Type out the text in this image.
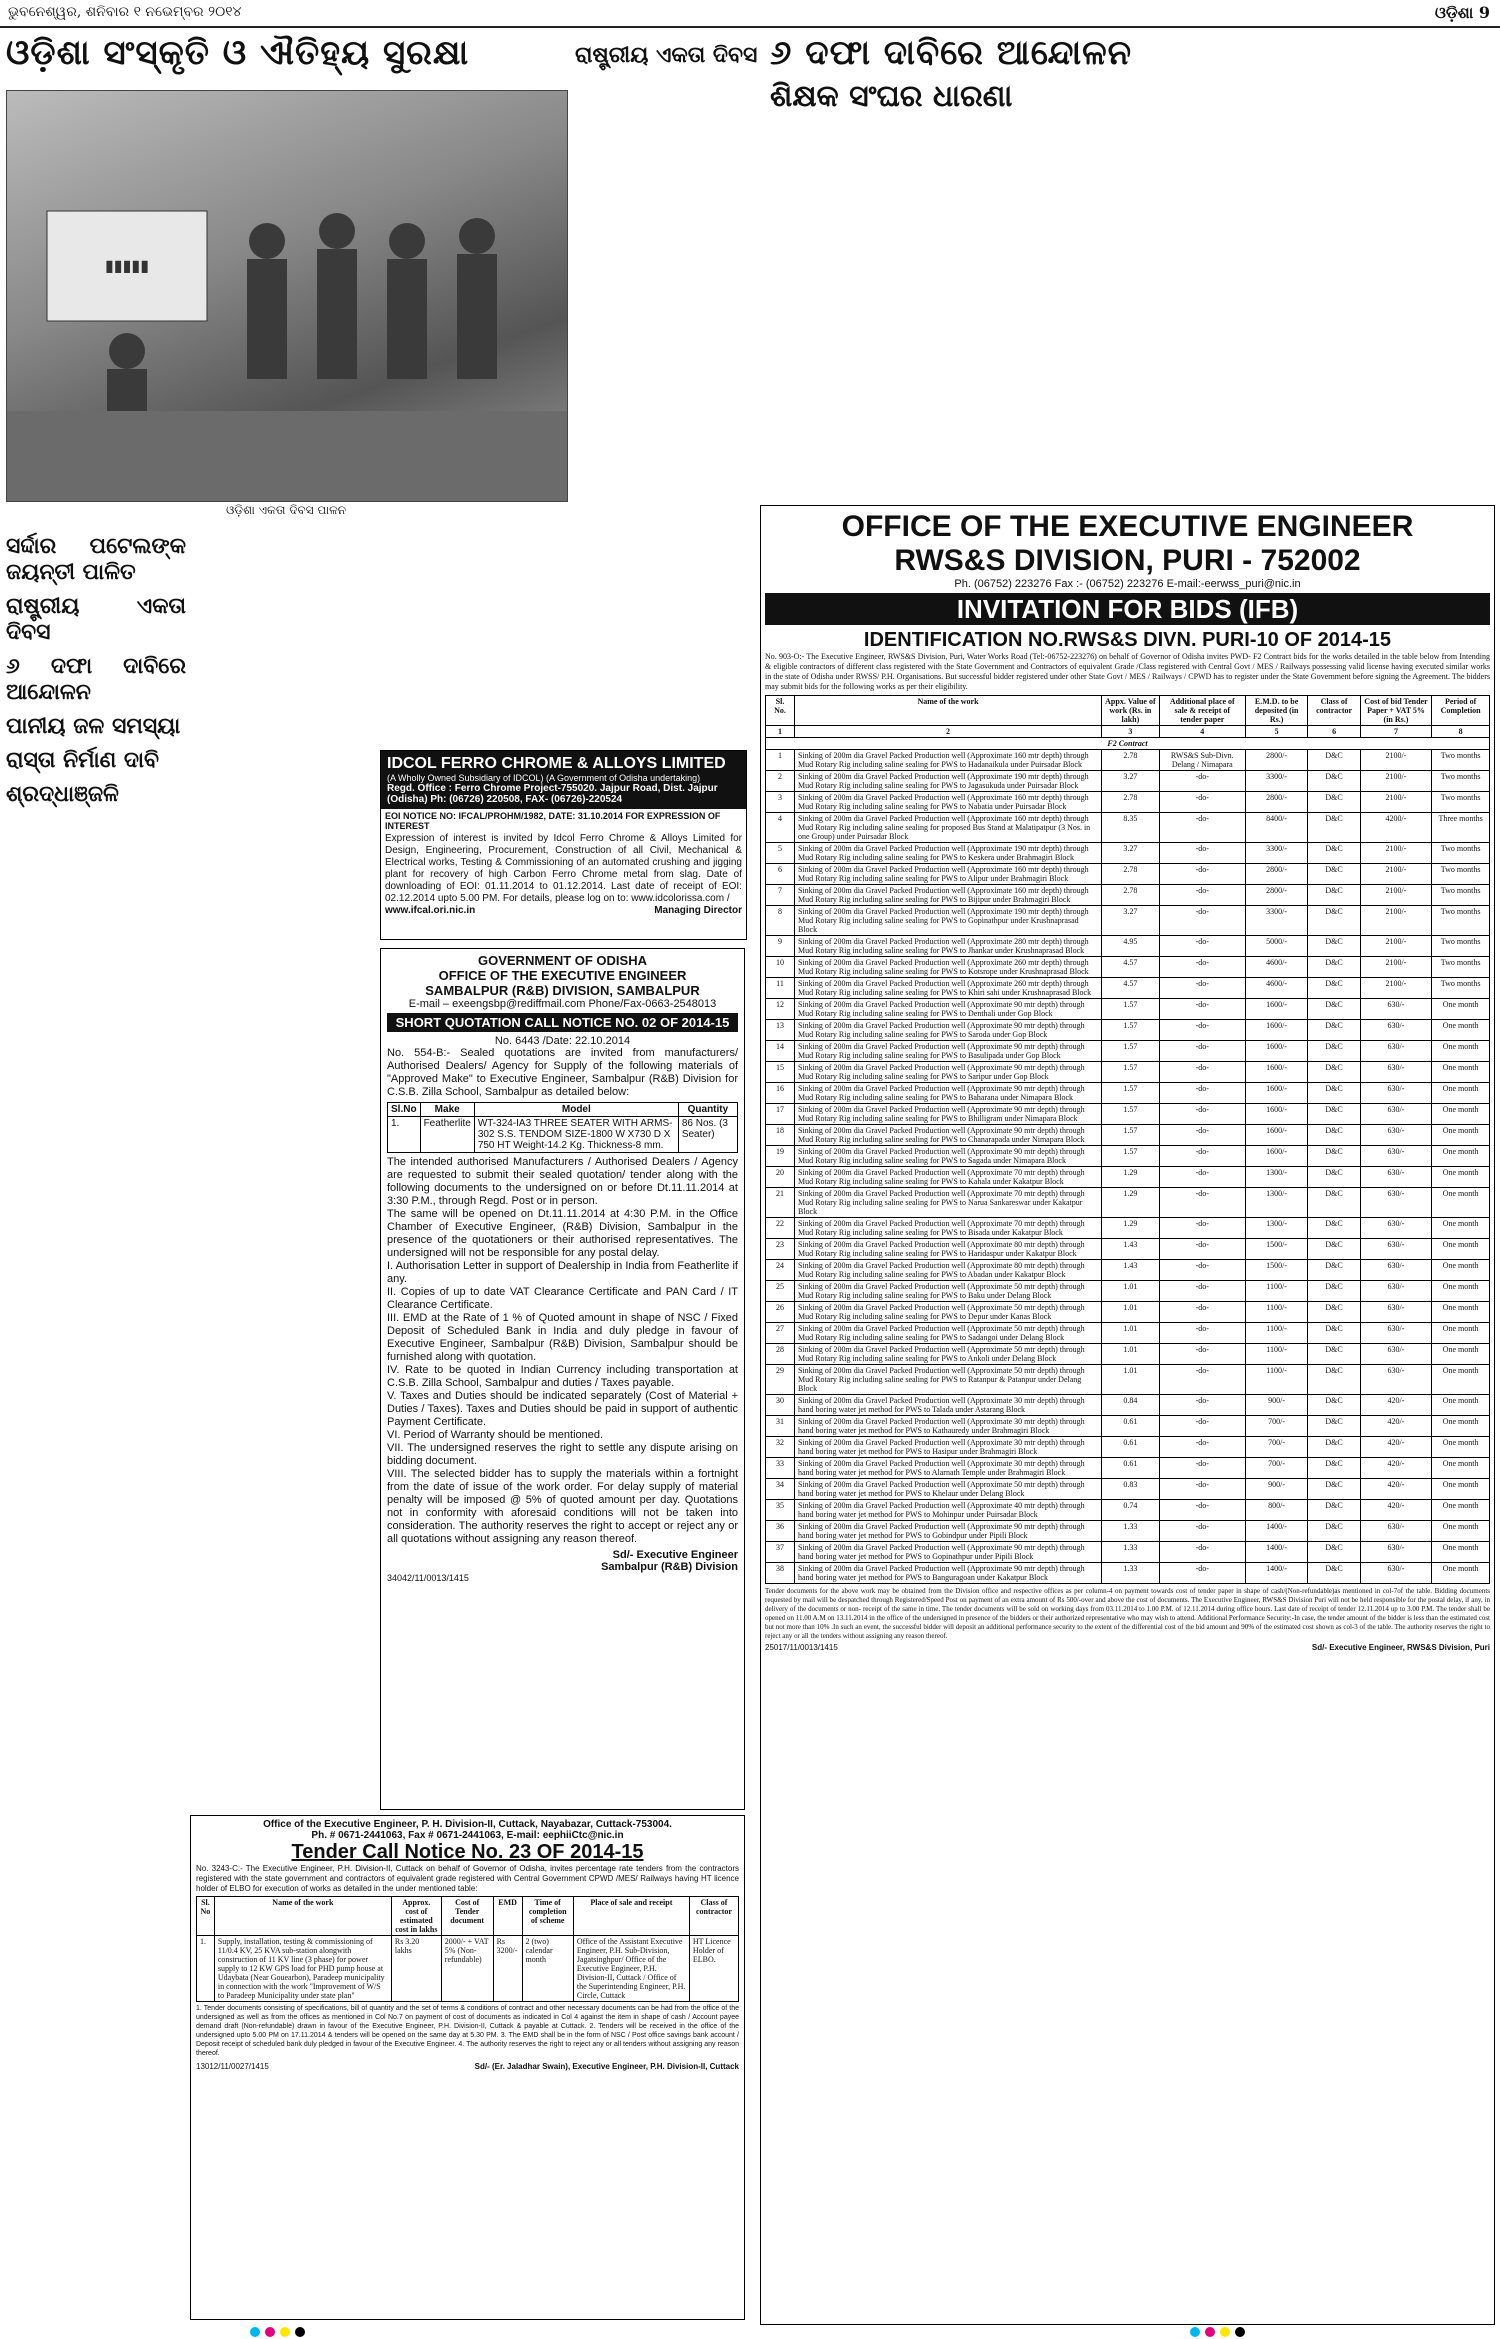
ଭୁବନେଶ୍ୱର, ଶନିବାର ୧ ନଭେମ୍ବର ୨୦୧୪	ଓଡ଼ିଶା 9
ଓଡ଼ିଶା ସଂସ୍କୃତି ଓ ଐତିହ୍ୟ ସୁରକ୍ଷା
▮▮▮▮▮
ଓଡ଼ିଶା ଏକତା ଦିବସ ପାଳନ
ସର୍ଦ୍ଦାର ପଟେଲଙ୍କ ଜୟନ୍ତୀ ପାଳିତ
ରାଷ୍ଟ୍ରୀୟ ଏକତା ଦିବସ
୬ ଦଫା ଦାବିରେ ଆନ୍ଦୋଳନ
ପାନୀୟ ଜଳ ସମସ୍ୟା
ରାସ୍ତା ନିର୍ମାଣ ଦାବି
ଶ୍ରଦ୍ଧାଞ୍ଜଳି
ରାଷ୍ଟ୍ରୀୟ ଏକତା ଦିବସ ୬ ଦଫା ଦାବିରେ ଆନ୍ଦୋଳନ
ଶିକ୍ଷକ ସଂଘର ଧାରଣା
IDCOL FERRO CHROME & ALLOYS LIMITED
(A Wholly Owned Subsidiary of IDCOL) (A Government of Odisha undertaking)
Regd. Office : Ferro Chrome Project-755020. Jajpur Road, Dist. Jajpur (Odisha) Ph: (06726) 220508, FAX- (06726)-220524
EOI NOTICE NO: IFCAL/PROHM/1982, DATE: 31.10.2014 FOR EXPRESSION OF INTEREST
Expression of interest is invited by Idcol Ferro Chrome & Alloys Limited for Design, Engineering, Procurement, Construction of all Civil, Mechanical & Electrical works, Testing & Commissioning of an automated crushing and jigging plant for recovery of high Carbon Ferro Chrome metal from slag. Date of downloading of EOI: 01.11.2014 to 01.12.2014. Last date of receipt of EOI: 02.12.2014 upto 5.00 PM. For details, please log on to: www.idcolorissa.com /
www.ifcal.ori.nic.in	Managing Director
GOVERNMENT OF ODISHA
OFFICE OF THE EXECUTIVE ENGINEER
SAMBALPUR (R&B) DIVISION, SAMBALPUR
E-mail – exeengsbp@rediffmail.com Phone/Fax-0663-2548013
SHORT QUOTATION CALL NOTICE NO. 02 OF 2014-15
No. 6443 /Date: 22.10.2014
No. 554-B:- Sealed quotations are invited from manufacturers/ Authorised Dealers/ Agency for Supply of the following materials of "Approved Make" to Executive Engineer, Sambalpur (R&B) Division for C.S.B. Zilla School, Sambalpur as detailed below:
Sl.No	Make	Model	Quantity
1.	Featherlite	WT-324-IA3 THREE SEATER WITH ARMS-302 S.S. TENDOM SIZE-1800 W X730 D X 750 HT Weight-14.2 Kg. Thickness-8 mm.	86 Nos. (3 Seater)
The intended authorised Manufacturers / Authorised Dealers / Agency are requested to submit their sealed quotation/ tender along with the following documents to the undersigned on or before Dt.11.11.2014 at 3:30 P.M., through Regd. Post or in person.
The same will be opened on Dt.11.11.2014 at 4:30 P.M. in the Office Chamber of Executive Engineer, (R&B) Division, Sambalpur in the presence of the quotationers or their authorised representatives. The undersigned will not be responsible for any postal delay.
I. Authorisation Letter in support of Dealership in India from Featherlite if any.
II. Copies of up to date VAT Clearance Certificate and PAN Card / IT Clearance Certificate.
III. EMD at the Rate of 1 % of Quoted amount in shape of NSC / Fixed Deposit of Scheduled Bank in India and duly pledge in favour of Executive Engineer, Sambalpur (R&B) Division, Sambalpur should be furnished along with quotation.
IV. Rate to be quoted in Indian Currency including transportation at C.S.B. Zilla School, Sambalpur and duties / Taxes payable.
V. Taxes and Duties should be indicated separately (Cost of Material + Duties / Taxes). Taxes and Duties should be paid in support of authentic Payment Certificate.
VI. Period of Warranty should be mentioned.
VII. The undersigned reserves the right to settle any dispute arising on bidding document.
VIII. The selected bidder has to supply the materials within a fortnight from the date of issue of the work order. For delay supply of material penalty will be imposed @ 5% of quoted amount per day. Quotations not in conformity with aforesaid conditions will not be taken into consideration. The authority reserves the right to accept or reject any or all quotations without assigning any reason thereof.
Sd/- Executive Engineer
Sambalpur (R&B) Division
34042/11/0013/1415
Office of the Executive Engineer, P. H. Division-II, Cuttack, Nayabazar, Cuttack-753004.
Ph. # 0671-2441063, Fax # 0671-2441063, E-mail: eephiiCtc@nic.in
Tender Call Notice No. 23 OF 2014-15
No. 3243-C:- The Executive Engineer, P.H. Division-II, Cuttack on behalf of Governor of Odisha, invites percentage rate tenders from the contractors registered with the state government and contractors of equivalent grade registered with Central Government CPWD /MES/ Railways having HT licence holder of ELBO for execution of works as detailed in the under mentioned table:
Sl. No	Name of the work	Approx. cost of estimated cost in lakhs	Cost of Tender document	EMD	Time of completion of scheme	Place of sale and receipt	Class of contractor
1.	Supply, installation, testing & commissioning of 11/0.4 KV, 25 KVA sub-station alongwith construction of 11 KV line (3 phase) for power supply to 12 KW GPS load for PHD pump house at Udaybata (Near Gouearbon), Paradeep municipality in connection with the work "Improvement of W/S to Paradeep Municipality under state plan"	Rs 3.20 lakhs	2000/- + VAT 5% (Non-refundable)	Rs 3200/-	2 (two) calendar month	Office of the Assistant Executive Engineer, P.H. Sub-Division, Jagatsinghpur/ Office of the Executive Engineer, P.H. Division-II, Cuttack / Office of the Superintending Engineer, P.H. Circle, Cuttack	HT Licence Holder of ELBO.
1. Tender documents consisting of specifications, bill of quantity and the set of terms & conditions of contract and other necessary documents can be had from the office of the undersigned as well as from the offices as mentioned in Col No.7 on payment of cost of documents as indicated in Col 4 against the item in shape of cash / Account payee demand draft (Non-refundable) drawn in favour of the Executive Engineer, P.H. Division-II, Cuttack & payable at Cuttack. 2. Tenders will be received in the office of the undersigned upto 5.00 PM on 17.11.2014 & tenders will be opened on the same day at 5.30 PM. 3. The EMD shall be in the form of NSC / Post office savings bank account / Deposit receipt of scheduled bank duly pledged in favour of the Executive Engineer. 4. The authority reserves the right to reject any or all tenders without assigning any reason thereof.
13012/11/0027/1415	Sd/- (Er. Jaladhar Swain), Executive Engineer, P.H. Division-II, Cuttack
OFFICE OF THE EXECUTIVE ENGINEER
RWS&S DIVISION, PURI - 752002
Ph. (06752) 223276 Fax :- (06752) 223276 E-mail:-eerwss_puri@nic.in
INVITATION FOR BIDS (IFB)
IDENTIFICATION NO.RWS&S DIVN. PURI-10 OF 2014-15
No. 903-O:- The Executive Engineer, RWS&S Division, Puri, Water Works Road (Tel:-06752-223276) on behalf of Governor of Odisha invites PWD- F2 Contract bids for the works detailed in the table below from Intending & eligible contractors of different class registered with the State Government and Contractors of equivalent Grade /Class registered with Central Govt / MES / Railways possessing valid license having executed similar works in the state of Odisha under RWSS/ P.H. Organisations. But successful bidder registered under other State Govt / MES / Railways / CPWD has to register under the State Government before signing the Agreement. The bidders may submit bids for the following works as per their eligibility.
Sl. No.	Name of the work	Appx. Value of work (Rs. in lakh)	Additional place of sale & receipt of tender paper	E.M.D. to be deposited (in Rs.)	Class of contractor	Cost of bid Tender Paper + VAT 5% (in Rs.)	Period of Completion
1	2	3	4	5	6	7	8
F2 Contract							
1	Sinking of 200m dia Gravel Packed Production well (Approximate 160 mtr depth) through Mud Rotary Rig including saline sealing for PWS to Hadanaikula under Puirsadar Block	2.78	RWS&S Sub-Divn. Delang / Nimapara	2800/-	D&C	2100/-	Two months
2	Sinking of 200m dia Gravel Packed Production well (Approximate 190 mtr depth) through Mud Rotary Rig including saline sealing for PWS to Jagasukuda under Puirsadar Block	3.27	-do-	3300/-	D&C	2100/-	Two months
3	Sinking of 200m dia Gravel Packed Production well (Approximate 160 mtr depth) through Mud Rotary Rig including saline sealing for PWS to Nabatia under Puirsadar Block	2.78	-do-	2800/-	D&C	2100/-	Two months
4	Sinking of 200m dia Gravel Packed Production well (Approximate 160 mtr depth) through Mud Rotary Rig including saline sealing for proposed Bus Stand at Malatipatpur (3 Nos. in one Group) under Puirsadar Block	8.35	-do-	8400/-	D&C	4200/-	Three months
5	Sinking of 200m dia Gravel Packed Production well (Approximate 190 mtr depth) through Mud Rotary Rig including saline sealing for PWS to Keskera under Brahmagiri Block	3.27	-do-	3300/-	D&C	2100/-	Two months
6	Sinking of 200m dia Gravel Packed Production well (Approximate 160 mtr depth) through Mud Rotary Rig including saline sealing for PWS to Alipur under Brahmagiri Block	2.78	-do-	2800/-	D&C	2100/-	Two months
7	Sinking of 200m dia Gravel Packed Production well (Approximate 160 mtr depth) through Mud Rotary Rig including saline sealing for PWS to Bijipur under Brahmagiri Block	2.78	-do-	2800/-	D&C	2100/-	Two months
8	Sinking of 200m dia Gravel Packed Production well (Approximate 190 mtr depth) through Mud Rotary Rig including saline sealing for PWS to Gopinathpur under Krushnaprasad Block	3.27	-do-	3300/-	D&C	2100/-	Two months
9	Sinking of 200m dia Gravel Packed Production well (Approximate 280 mtr depth) through Mud Rotary Rig including saline sealing for PWS to Jhankar under Krushnaprasad Block	4.95	-do-	5000/-	D&C	2100/-	Two months
10	Sinking of 200m dia Gravel Packed Production well (Approximate 260 mtr depth) through Mud Rotary Rig including saline sealing for PWS to Kotsrope under Krushnaprasad Block	4.57	-do-	4600/-	D&C	2100/-	Two months
11	Sinking of 200m dia Gravel Packed Production well (Approximate 260 mtr depth) through Mud Rotary Rig including saline sealing for PWS to Khiri sahi under Krushnaprasad Block	4.57	-do-	4600/-	D&C	2100/-	Two months
12	Sinking of 200m dia Gravel Packed Production well (Approximate 90 mtr depth) through Mud Rotary Rig including saline sealing for PWS to Denthali under Gop Block	1.57	-do-	1600/-	D&C	630/-	One month
13	Sinking of 200m dia Gravel Packed Production well (Approximate 90 mtr depth) through Mud Rotary Rig including saline sealing for PWS to Saroda under Gop Block	1.57	-do-	1600/-	D&C	630/-	One month
14	Sinking of 200m dia Gravel Packed Production well (Approximate 90 mtr depth) through Mud Rotary Rig including saline sealing for PWS to Basulipada under Gop Block	1.57	-do-	1600/-	D&C	630/-	One month
15	Sinking of 200m dia Gravel Packed Production well (Approximate 90 mtr depth) through Mud Rotary Rig including saline sealing for PWS to Saripur under Gop Block	1.57	-do-	1600/-	D&C	630/-	One month
16	Sinking of 200m dia Gravel Packed Production well (Approximate 90 mtr depth) through Mud Rotary Rig including saline sealing for PWS to Baharana under Nimapara Block	1.57	-do-	1600/-	D&C	630/-	One month
17	Sinking of 200m dia Gravel Packed Production well (Approximate 90 mtr depth) through Mud Rotary Rig including saline sealing for PWS to Bhilligram under Nimapara Block	1.57	-do-	1600/-	D&C	630/-	One month
18	Sinking of 200m dia Gravel Packed Production well (Approximate 90 mtr depth) through Mud Rotary Rig including saline sealing for PWS to Chanarapada under Nimapara Block	1.57	-do-	1600/-	D&C	630/-	One month
19	Sinking of 200m dia Gravel Packed Production well (Approximate 90 mtr depth) through Mud Rotary Rig including saline sealing for PWS to Sagada under Nimapara Block	1.57	-do-	1600/-	D&C	630/-	One month
20	Sinking of 200m dia Gravel Packed Production well (Approximate 70 mtr depth) through Mud Rotary Rig including saline sealing for PWS to Kahala under Kakatpur Block	1.29	-do-	1300/-	D&C	630/-	One month
21	Sinking of 200m dia Gravel Packed Production well (Approximate 70 mtr depth) through Mud Rotary Rig including saline sealing for PWS to Narua Sankareswar under Kakatpur Block	1.29	-do-	1300/-	D&C	630/-	One month
22	Sinking of 200m dia Gravel Packed Production well (Approximate 70 mtr depth) through Mud Rotary Rig including saline sealing for PWS to Bisada under Kakatpur Block	1.29	-do-	1300/-	D&C	630/-	One month
23	Sinking of 200m dia Gravel Packed Production well (Approximate 80 mtr depth) through Mud Rotary Rig including saline sealing for PWS to Haridaspur under Kakatpur Block	1.43	-do-	1500/-	D&C	630/-	One month
24	Sinking of 200m dia Gravel Packed Production well (Approximate 80 mtr depth) through Mud Rotary Rig including saline sealing for PWS to Abadan under Kakatpur Block	1.43	-do-	1500/-	D&C	630/-	One month
25	Sinking of 200m dia Gravel Packed Production well (Approximate 50 mtr depth) through Mud Rotary Rig including saline sealing for PWS to Baku under Delang Block	1.01	-do-	1100/-	D&C	630/-	One month
26	Sinking of 200m dia Gravel Packed Production well (Approximate 50 mtr depth) through Mud Rotary Rig including saline sealing for PWS to Depur under Kanas Block	1.01	-do-	1100/-	D&C	630/-	One month
27	Sinking of 200m dia Gravel Packed Production well (Approximate 50 mtr depth) through Mud Rotary Rig including saline sealing for PWS to Sadangoi under Delang Block	1.01	-do-	1100/-	D&C	630/-	One month
28	Sinking of 200m dia Gravel Packed Production well (Approximate 50 mtr depth) through Mud Rotary Rig including saline sealing for PWS to Ankoli under Delang Block	1.01	-do-	1100/-	D&C	630/-	One month
29	Sinking of 200m dia Gravel Packed Production well (Approximate 50 mtr depth) through Mud Rotary Rig including saline sealing for PWS to Ratanpur & Patanpur under Delang Block	1.01	-do-	1100/-	D&C	630/-	One month
30	Sinking of 200m dia Gravel Packed Production well (Approximate 30 mtr depth) through hand boring water jet method for PWS to Talada under Astarang Block	0.84	-do-	900/-	D&C	420/-	One month
31	Sinking of 200m dia Gravel Packed Production well (Approximate 30 mtr depth) through hand boring water jet method for PWS to Kathauredy under Brahmagiri Block	0.61	-do-	700/-	D&C	420/-	One month
32	Sinking of 200m dia Gravel Packed Production well (Approximate 30 mtr depth) through hand boring water jet method for PWS to Hasipur under Brahmagiri Block	0.61	-do-	700/-	D&C	420/-	One month
33	Sinking of 200m dia Gravel Packed Production well (Approximate 30 mtr depth) through hand boring water jet method for PWS to Alarnath Temple under Brahmagiri Block	0.61	-do-	700/-	D&C	420/-	One month
34	Sinking of 200m dia Gravel Packed Production well (Approximate 50 mtr depth) through hand boring water jet method for PWS to Khelaur under Delang Block	0.83	-do-	900/-	D&C	420/-	One month
35	Sinking of 200m dia Gravel Packed Production well (Approximate 40 mtr depth) through hand boring water jet method for PWS to Mohinpur under Puirsadar Block	0.74	-do-	800/-	D&C	420/-	One month
36	Sinking of 200m dia Gravel Packed Production well (Approximate 90 mtr depth) through hand boring water jet method for PWS to Gobindpur under Pipili Block	1.33	-do-	1400/-	D&C	630/-	One month
37	Sinking of 200m dia Gravel Packed Production well (Approximate 90 mtr depth) through hand boring water jet method for PWS to Gopinathpur under Pipili Block	1.33	-do-	1400/-	D&C	630/-	One month
38	Sinking of 200m dia Gravel Packed Production well (Approximate 90 mtr depth) through hand boring water jet method for PWS to Banguragoan under Kakatpur Block	1.33	-do-	1400/-	D&C	630/-	One month
Tender documents for the above work may be obtained from the Division office and respective offices as per column-4 on payment towards cost of tender paper in shape of cash/(Non-refundable)as mentioned in col-7of the table. Bidding documents requested by mail will be despatched through Registered/Speed Post on payment of an extra amount of Rs 500/-over and above the cost of documents. The Executive Engineer, RWS&S Division Puri will not be held responsible for the postal delay, if any, in delivery of the documents or non- receipt of the same in time. The tender documents will be sold on working days from 03.11.2014 to 1.00 P.M. of 12.11.2014 during office hours. Last date of receipt of tender 12.11.2014 up to 3.00 P.M. The tender shall be opened on 11.00 A.M on 13.11.2014 in the office of the undersigned in presence of the bidders or their authorized representative who may wish to attend. Additional Performance Security:-In case, the tender amount of the bidder is less than the estimated cost but not more than 10% .In such an event, the successful bidder will deposit an additional performance security to the extent of the differential cost of the bid amount and 90% of the estimated cost shown as col-3 of the table. The authority reserves the right to reject any or all the tenders without assigning any reason thereof.
25017/11/0013/1415	Sd/- Executive Engineer, RWS&S Division, Puri
